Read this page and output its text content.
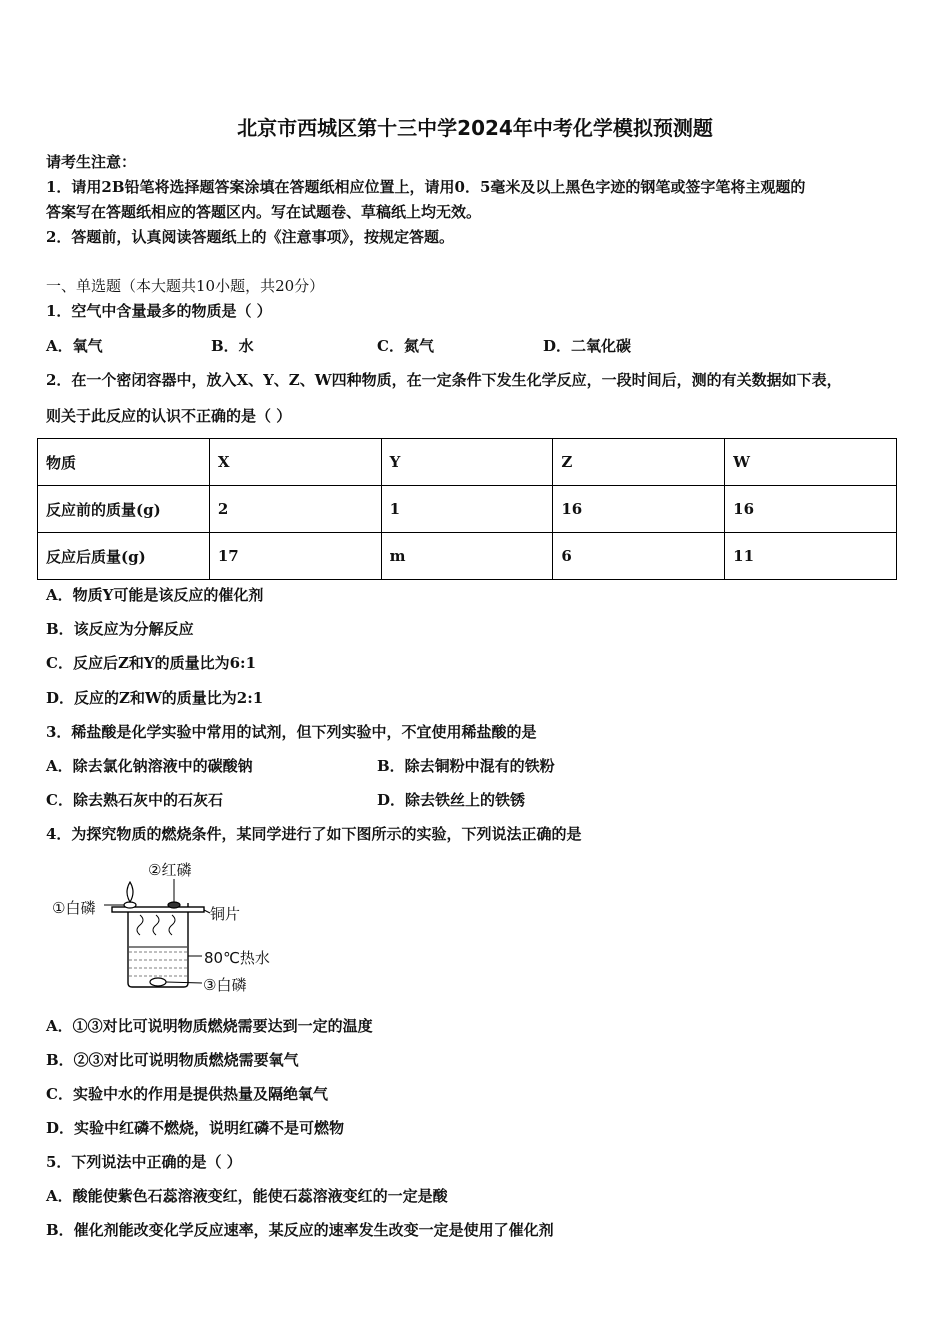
北京市西城区第十三中学2024年中考化学模拟预测题
请考生注意：
1．请用2B铅笔将选择题答案涂填在答题纸相应位置上，请用0．5毫米及以上黑色字迹的钢笔或签字笔将主观题的
答案写在答题纸相应的答题区内。写在试题卷、草稿纸上均无效。
2．答题前，认真阅读答题纸上的《注意事项》，按规定答题。
一、单选题（本大题共10小题，共20分）
1．空气中含量最多的物质是（ ）
A．氧气	B．水	C．氮气	D．二氧化碳
2．在一个密闭容器中，放入X、Y、Z、W四种物质，在一定条件下发生化学反应，一段时间后，测的有关数据如下表，
则关于此反应的认识不正确的是（ ）
物质	X	Y	Z	W
反应前的质量(g)	2	1	16	16
反应后质量(g)	17	m	6	11
A．物质Y可能是该反应的催化剂
B．该反应为分解反应
C．反应后Z和Y的质量比为6:1
D．反应的Z和W的质量比为2:1
3．稀盐酸是化学实验中常用的试剂，但下列实验中，不宜使用稀盐酸的是
A．除去氯化钠溶液中的碳酸钠	B．除去铜粉中混有的铁粉
C．除去熟石灰中的石灰石	D．除去铁丝上的铁锈
4．为探究物质的燃烧条件，某同学进行了如下图所示的实验，下列说法正确的是
②红磷
①白磷	铜片
80℃热水
③白磷
A．①③对比可说明物质燃烧需要达到一定的温度
B．②③对比可说明物质燃烧需要氧气
C．实验中水的作用是提供热量及隔绝氧气
D．实验中红磷不燃烧，说明红磷不是可燃物
5．下列说法中正确的是（ ）
A．酸能使紫色石蕊溶液变红，能使石蕊溶液变红的一定是酸
B．催化剂能改变化学反应速率，某反应的速率发生改变一定是使用了催化剂
